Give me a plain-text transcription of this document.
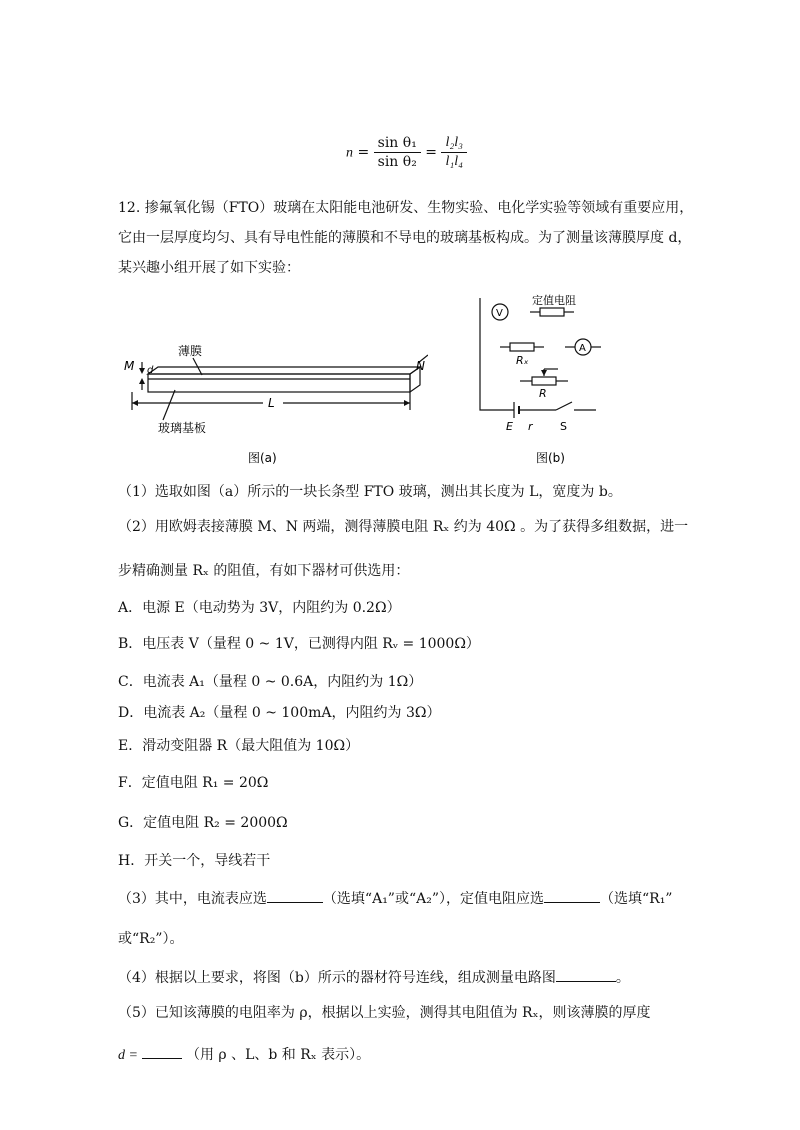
$n = \frac{\text{sin θ₁}}{\text{sin θ₂}} = \frac{\text{l₂l₃}}{\text{l₁l₄}}$
12. 掺氟氧化锡（FTO）玻璃在太阳能电池研发、生物实验、电化学实验等领域有重要应用，
它由一层厚度均匀、具有导电性能的薄膜和不导电的玻璃基板构成。为了测量该薄膜厚度 d，
某兴趣小组开展了如下实验：
M d	N
薄膜
L
玻璃基板
图(a)
V
定值电阻
A
Rₓ
R
E r S
图(b)
（1）选取如图（a）所示的一块长条型 FTO 玻璃，测出其长度为 L，宽度为 b。
（2）用欧姆表接薄膜 M、N 两端，测得薄膜电阻 Rₓ 约为 40Ω 。为了获得多组数据，进一
步精确测量 Rₓ 的阻值，有如下器材可供选用：
A．电源 E（电动势为 3V，内阻约为 0.2Ω）
B．电压表 V（量程 0 ~ 1V，已测得内阻 Rᵥ = 1000Ω）
C．电流表 A₁（量程 0 ~ 0.6A，内阻约为 1Ω）
D．电流表 A₂（量程 0 ~ 100mA，内阻约为 3Ω）
E．滑动变阻器 R（最大阻值为 10Ω）
F．定值电阻 R₁ = 20Ω
G．定值电阻 R₂ = 2000Ω
H．开关一个，导线若干
（3）其中，电流表应选	（选填“A₁”或“A₂”），定值电阻应选	（选填“R₁”
或“R₂”）。
（4）根据以上要求，将图（b）所示的器材符号连线，组成测量电路图	。
（5）已知该薄膜的电阻率为 ρ，根据以上实验，测得其电阻值为 Rₓ，则该薄膜的厚度
d =	（用 ρ 、L、b 和 Rₓ 表示）。
